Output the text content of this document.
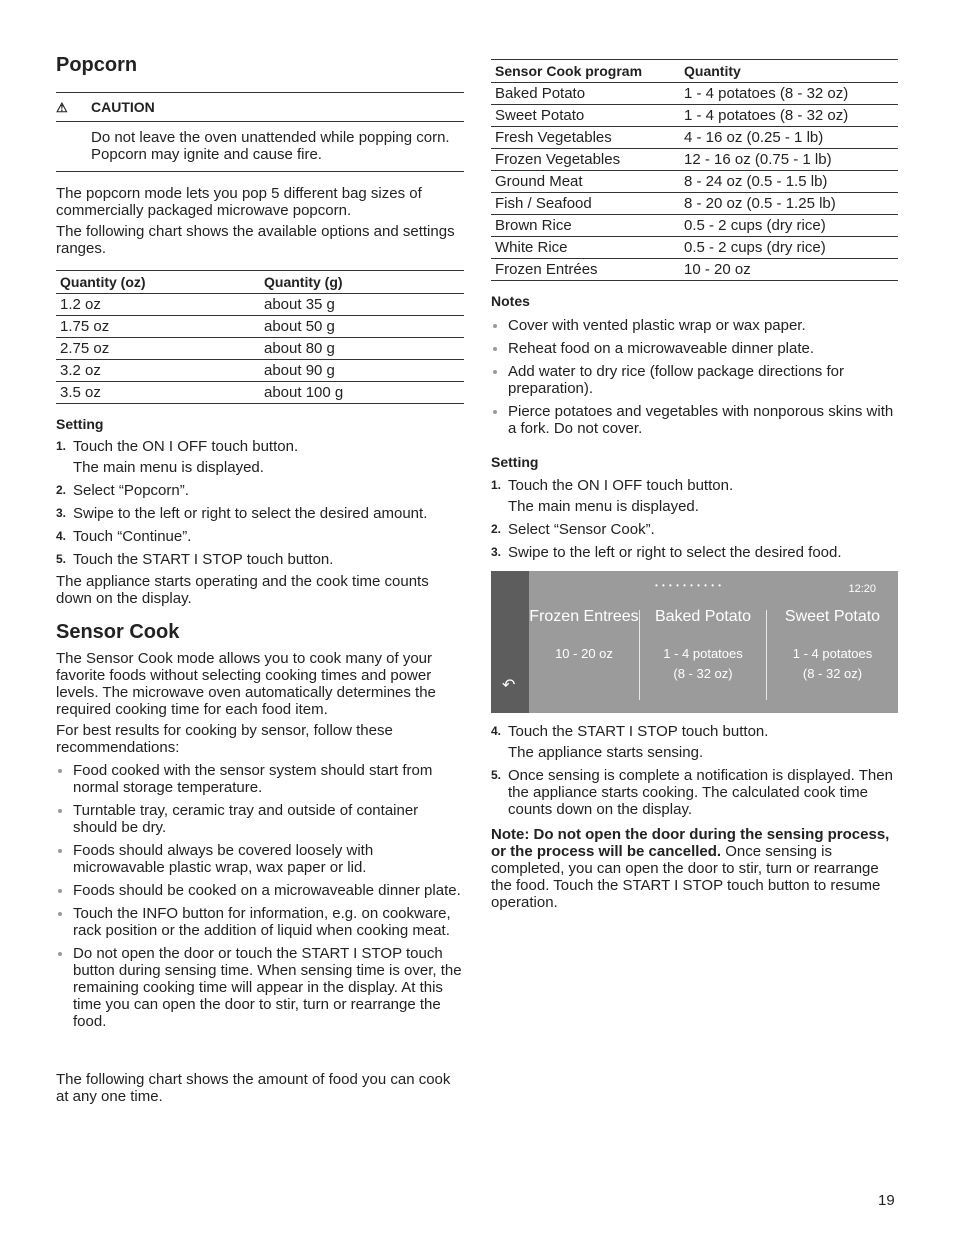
Popcorn
⚠	CAUTION
Do not leave the oven unattended while popping corn. Popcorn may ignite and cause fire.

The popcorn mode lets you pop 5 different bag sizes of commercially packaged microwave popcorn.

The following chart shows the available options and settings ranges.

Quantity (oz)	Quantity (g)
1.2 oz	about 35 g
1.75 oz	about 50 g
2.75 oz	about 80 g
3.2 oz	about 90 g
3.5 oz	about 100 g
Setting
1. Touch the ON I OFF touch button.
The main menu is displayed.
2. Select “Popcorn”.
3. Swipe to the left or right to select the desired amount.
4. Touch “Continue”.
5. Touch the START I STOP touch button.

The appliance starts operating and the cook time counts down on the display.

Sensor Cook

The Sensor Cook mode allows you to cook many of your favorite foods without selecting cooking times and power levels. The microwave oven automatically determines the required cooking time for each food item.

For best results for cooking by sensor, follow these recommendations:

Food cooked with the sensor system should start from normal storage temperature.
Turntable tray, ceramic tray and outside of container should be dry.
Foods should always be covered loosely with microwavable plastic wrap, wax paper or lid.
Foods should be cooked on a microwaveable dinner plate.
Touch the INFO button for information, e.g. on cookware, rack position or the addition of liquid when cooking meat.
Do not open the door or touch the START I STOP touch button during sensing time. When sensing time is over, the remaining cooking time will appear in the display. At this time you can open the door to stir, turn or rearrange the food.

The following chart shows the amount of food you can cook at any one time.

Sensor Cook program	Quantity
Baked Potato	1 - 4 potatoes (8 - 32 oz)
Sweet Potato	1 - 4 potatoes (8 - 32 oz)
Fresh Vegetables	4 - 16 oz (0.25 - 1 lb)
Frozen Vegetables	12 - 16 oz (0.75 - 1 lb)
Ground Meat	8 - 24 oz (0.5 - 1.5 lb)
Fish / Seafood	8 - 20 oz (0.5 - 1.25 lb)
Brown Rice	0.5 - 2 cups (dry rice)
White Rice	0.5 - 2 cups (dry rice)
Frozen Entrées	10 - 20 oz
Notes
Cover with vented plastic wrap or wax paper.
Reheat food on a microwaveable dinner plate.
Add water to dry rice (follow package directions for preparation).
Pierce potatoes and vegetables with nonporous skins with a fork. Do not cover.
Setting
1. Touch the ON I OFF touch button.
The main menu is displayed.
2. Select “Sensor Cook”.
3. Swipe to the left or right to select the desired food.
↶
• • • • • • • • • •	12:20
Frozen Entrees
10 - 20 oz
Baked Potato
1 - 4 potatoes
(8 - 32 oz)
Sweet Potato
1 - 4 potatoes
(8 - 32 oz)
4. Touch the START I STOP touch button.
The appliance starts sensing.
5. Once sensing is complete a notification is displayed. Then the appliance starts cooking. The calculated cook time counts down on the display.

Note: Do not open the door during the sensing process, or the process will be cancelled. Once sensing is completed, you can open the door to stir, turn or rearrange the food. Touch the START I STOP touch button to resume operation.

19
